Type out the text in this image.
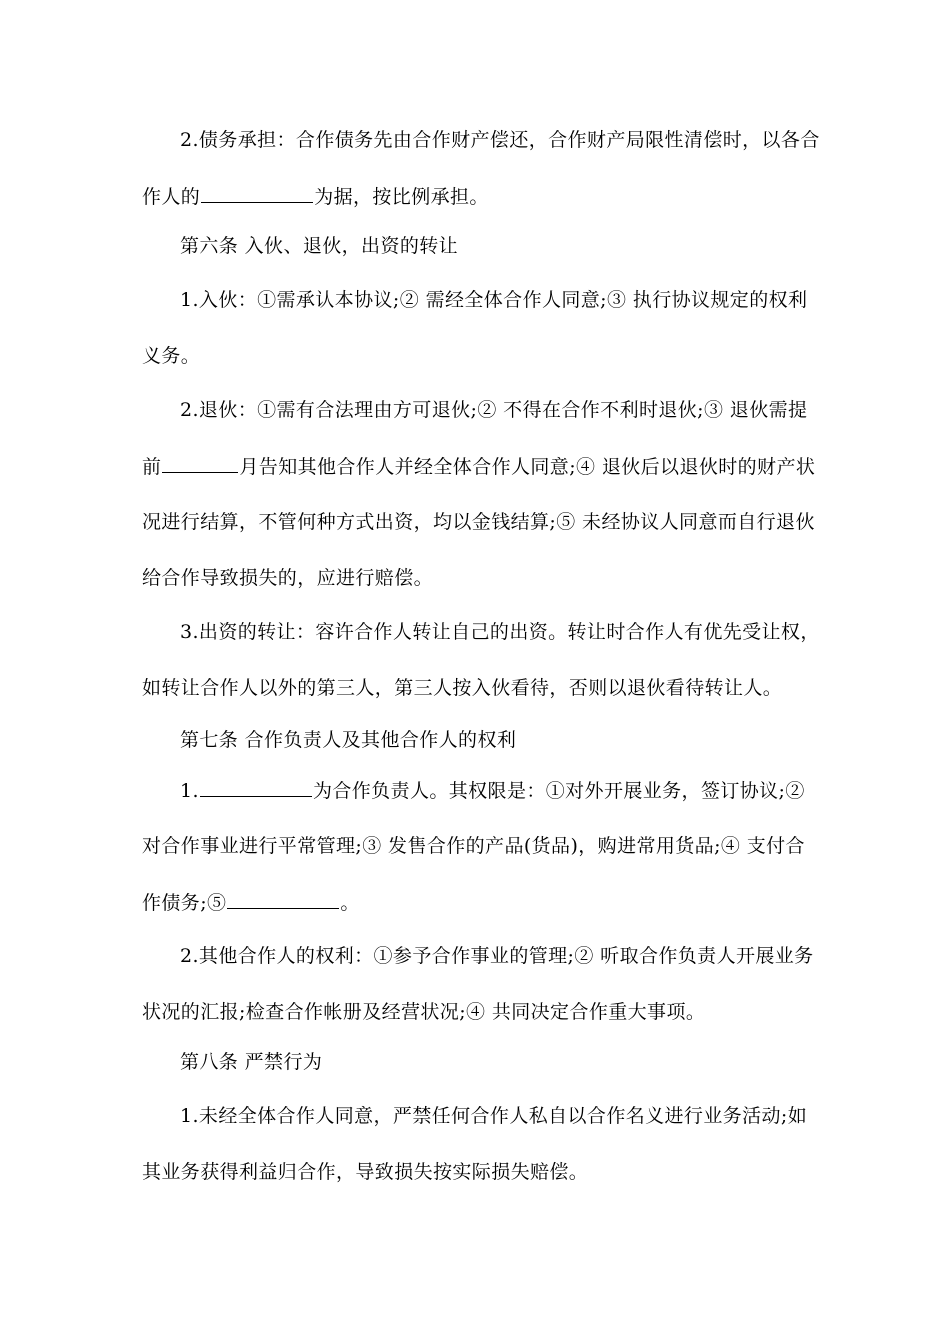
2.债务承担：合作债务先由合作财产偿还，合作财产局限性清偿时，以各合
作人的	为据，按比例承担。
第六条 入伙、退伙，出资的转让
1.入伙：①需承认本协议;② 需经全体合作人同意;③ 执行协议规定的权利
义务。
2.退伙：①需有合法理由方可退伙;② 不得在合作不利时退伙;③ 退伙需提
前	月告知其他合作人并经全体合作人同意;④ 退伙后以退伙时的财产状
况进行结算，不管何种方式出资，均以金钱结算;⑤ 未经协议人同意而自行退伙
给合作导致损失的，应进行赔偿。
3.出资的转让：容许合作人转让自己的出资。转让时合作人有优先受让权，
如转让合作人以外的第三人，第三人按入伙看待，否则以退伙看待转让人。
第七条 合作负责人及其他合作人的权利
1.	为合作负责人。其权限是：①对外开展业务，签订协议;②
对合作事业进行平常管理;③ 发售合作的产品(货品)，购进常用货品;④ 支付合
作债务;⑤	。
2.其他合作人的权利：①参予合作事业的管理;② 听取合作负责人开展业务
状况的汇报;检查合作帐册及经营状况;④ 共同决定合作重大事项。
第八条 严禁行为
1.未经全体合作人同意，严禁任何合作人私自以合作名义进行业务活动;如
其业务获得利益归合作，导致损失按实际损失赔偿。
